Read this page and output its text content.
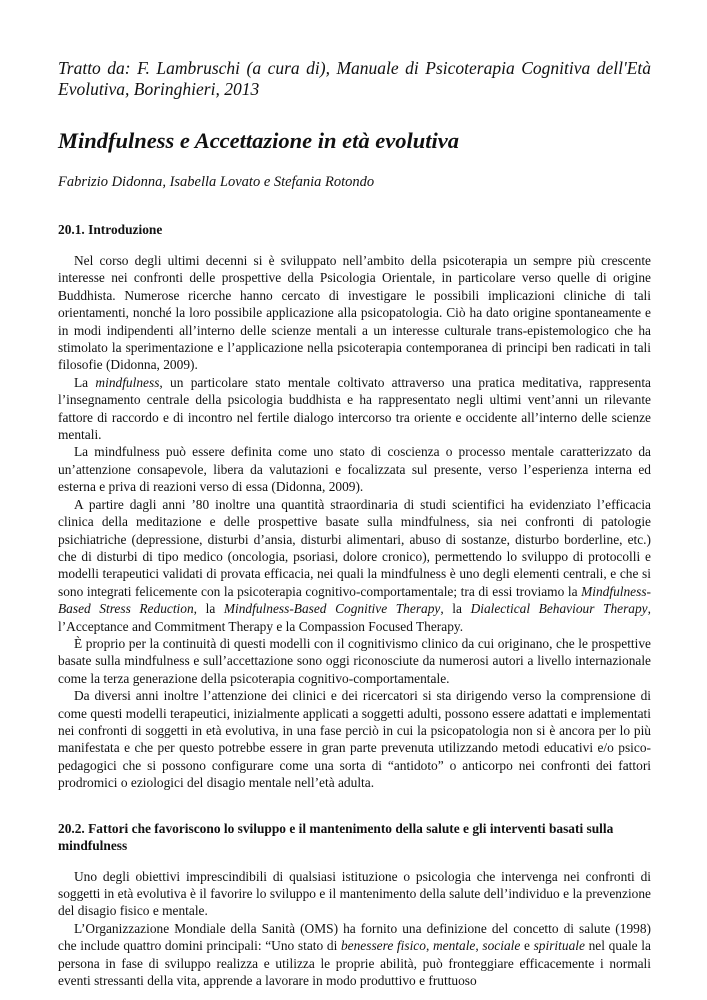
Tratto da: F. Lambruschi (a cura di), Manuale di Psicoterapia Cognitiva dell'Età Evolutiva, Boringhieri, 2013

Mindfulness e Accettazione in età evolutiva

Fabrizio Didonna, Isabella Lovato e Stefania Rotondo

20.1. Introduzione

Nel corso degli ultimi decenni si è sviluppato nell’ambito della psicoterapia un sempre più crescente interesse nei confronti delle prospettive della Psicologia Orientale, in particolare verso quelle di origine Buddhista. Numerose ricerche hanno cercato di investigare le possibili implicazioni cliniche di tali orientamenti, nonché la loro possibile applicazione alla psicopatologia. Ciò ha dato origine spontaneamente e in modi indipendenti all’interno delle scienze mentali a un interesse culturale trans-epistemologico che ha stimolato la sperimentazione e l’applicazione nella psicoterapia contemporanea di principi ben radicati in tali filosofie (Didonna, 2009).

La mindfulness, un particolare stato mentale coltivato attraverso una pratica meditativa, rappresenta l’insegnamento centrale della psicologia buddhista e ha rappresentato negli ultimi vent’anni un rilevante fattore di raccordo e di incontro nel fertile dialogo intercorso tra oriente e occidente all’interno delle scienze mentali.

La mindfulness può essere definita come uno stato di coscienza o processo mentale caratterizzato da un’attenzione consapevole, libera da valutazioni e focalizzata sul presente, verso l’esperienza interna ed esterna e priva di reazioni verso di essa (Didonna, 2009).

A partire dagli anni ’80 inoltre una quantità straordinaria di studi scientifici ha evidenziato l’efficacia clinica della meditazione e delle prospettive basate sulla mindfulness, sia nei confronti di patologie psichiatriche (depressione, disturbi d’ansia, disturbi alimentari, abuso di sostanze, disturbo borderline, etc.) che di disturbi di tipo medico (oncologia, psoriasi, dolore cronico), permettendo lo sviluppo di protocolli e modelli terapeutici validati di provata efficacia, nei quali la mindfulness è uno degli elementi centrali, e che si sono integrati felicemente con la psicoterapia cognitivo-comportamentale; tra di essi troviamo la Mindfulness-Based Stress Reduction, la Mindfulness-Based Cognitive Therapy, la Dialectical Behaviour Therapy, l’Acceptance and Commitment Therapy e la Compassion Focused Therapy.

È proprio per la continuità di questi modelli con il cognitivismo clinico da cui originano, che le prospettive basate sulla mindfulness e sull’accettazione sono oggi riconosciute da numerosi autori a livello internazionale come la terza generazione della psicoterapia cognitivo-comportamentale.

Da diversi anni inoltre l’attenzione dei clinici e dei ricercatori si sta dirigendo verso la comprensione di come questi modelli terapeutici, inizialmente applicati a soggetti adulti, possono essere adattati e implementati nei confronti di soggetti in età evolutiva, in una fase perciò in cui la psicopatologia non si è ancora per lo più manifestata e che per questo potrebbe essere in gran parte prevenuta utilizzando metodi educativi e/o psico-pedagogici che si possono configurare come una sorta di “antidoto” o anticorpo nei confronti dei fattori prodromici o eziologici del disagio mentale nell’età adulta.

20.2. Fattori che favoriscono lo sviluppo e il mantenimento della salute e gli interventi basati sulla mindfulness

Uno degli obiettivi imprescindibili di qualsiasi istituzione o psicologia che intervenga nei confronti di soggetti in età evolutiva è il favorire lo sviluppo e il mantenimento della salute dell’individuo e la prevenzione del disagio fisico e mentale.

L’Organizzazione Mondiale della Sanità (OMS) ha fornito una definizione del concetto di salute (1998) che include quattro domini principali: “Uno stato di benessere fisico, mentale, sociale e spirituale nel quale la persona in fase di sviluppo realizza e utilizza le proprie abilità, può fronteggiare efficacemente i normali eventi stressanti della vita, apprende a lavorare in modo produttivo e fruttuoso
